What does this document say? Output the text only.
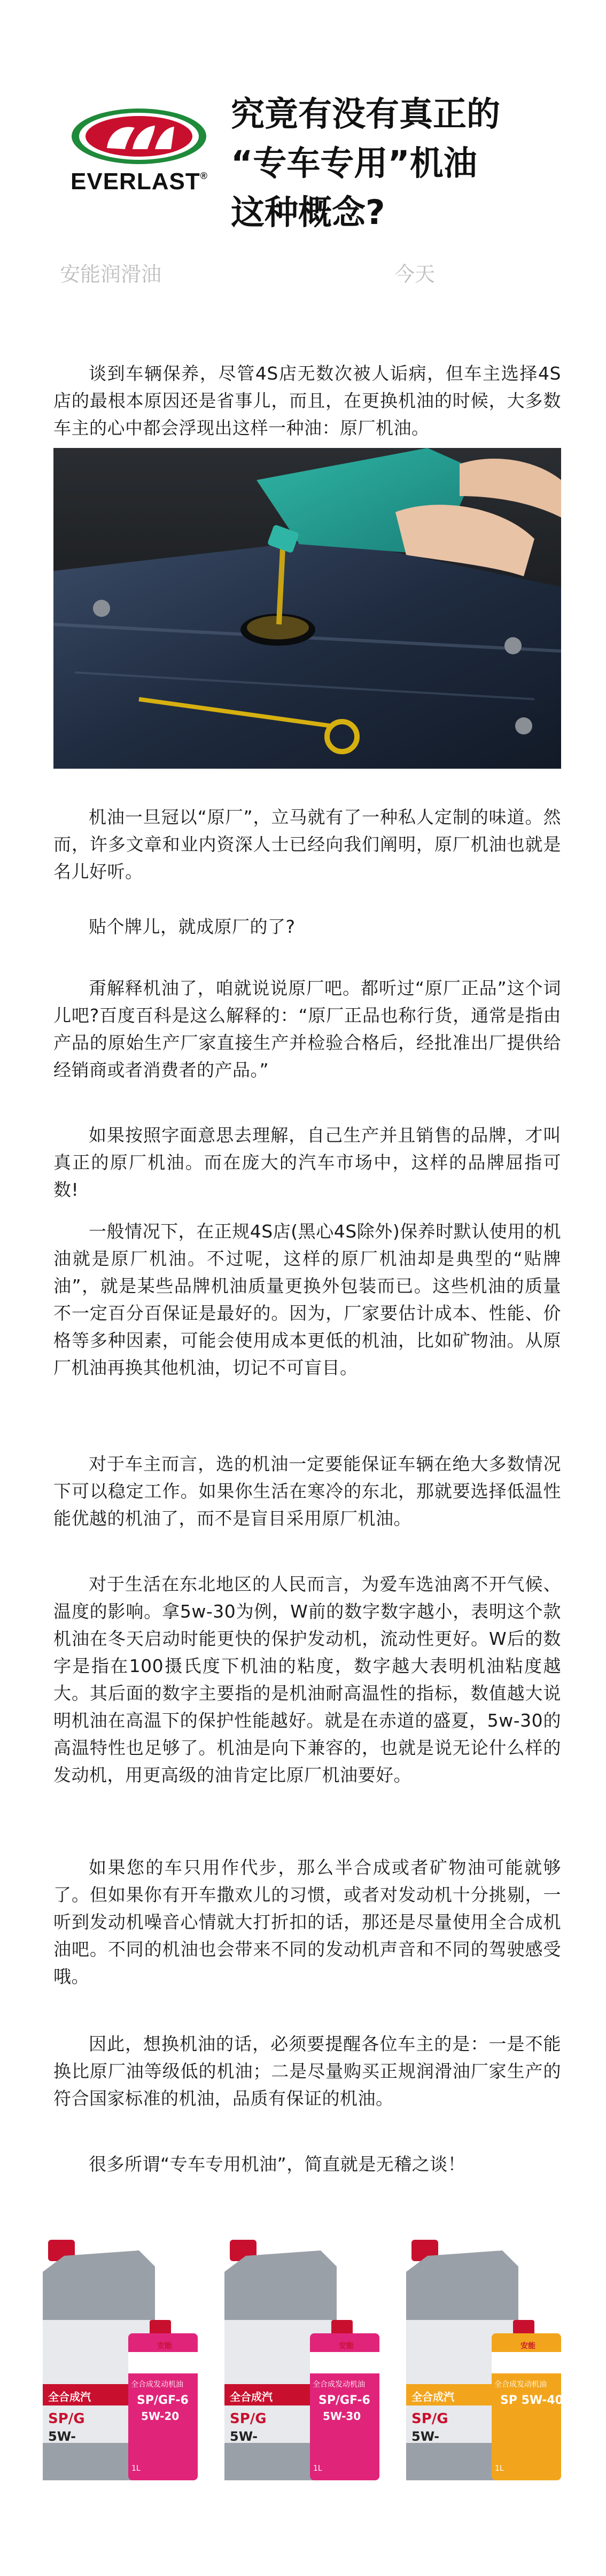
EVERLAST®
究竟有没有真正的
“专车专用”机油
这种概念?
安能润滑油	今天

谈到车辆保养，尽管4S店无数次被人诟病，但车主选择4S店的最根本原因还是省事儿，而且，在更换机油的时候，大多数车主的心中都会浮现出这样一种油：原厂机油。

机油一旦冠以“原厂”，立马就有了一种私人定制的味道。然而，许多文章和业内资深人士已经向我们阐明，原厂机油也就是名儿好听。

贴个牌儿，就成原厂的了?

甭解释机油了，咱就说说原厂吧。都听过“原厂正品”这个词儿吧?百度百科是这么解释的：“原厂正品也称行货，通常是指由产品的原始生产厂家直接生产并检验合格后，经批准出厂提供给经销商或者消费者的产品。”

如果按照字面意思去理解，自己生产并且销售的品牌，才叫真正的原厂机油。而在庞大的汽车市场中，这样的品牌屈指可数!

一般情况下，在正规4S店(黑心4S除外)保养时默认使用的机油就是原厂机油。不过呢，这样的原厂机油却是典型的“贴牌油”，就是某些品牌机油质量更换外包装而已。这些机油的质量不一定百分百保证是最好的。因为，厂家要估计成本、性能、价格等多种因素，可能会使用成本更低的机油，比如矿物油。从原厂机油再换其他机油，切记不可盲目。

对于车主而言，选的机油一定要能保证车辆在绝大多数情况下可以稳定工作。如果你生活在寒冷的东北，那就要选择低温性能优越的机油了，而不是盲目采用原厂机油。

对于生活在东北地区的人民而言，为爱车选油离不开气候、温度的影响。拿5w-30为例，W前的数字数字越小，表明这个款机油在冬天启动时能更快的保护发动机，流动性更好。W后的数字是指在100摄氏度下机油的粘度，数字越大表明机油粘度越大。其后面的数字主要指的是机油耐高温性的指标，数值越大说明机油在高温下的保护性能越好。就是在赤道的盛夏，5w-30的高温特性也足够了。机油是向下兼容的，也就是说无论什么样的发动机，用更高级的油肯定比原厂机油要好。

如果您的车只用作代步，那么半合成或者矿物油可能就够了。但如果你有开车撒欢儿的习惯，或者对发动机十分挑剔，一听到发动机噪音心情就大打折扣的话，那还是尽量使用全合成机油吧。不同的机油也会带来不同的发动机声音和不同的驾驶感受哦。

因此，想换机油的话，必须要提醒各位车主的是：一是不能换比原厂油等级低的机油；二是尽量购买正规润滑油厂家生产的符合国家标准的机油，品质有保证的机油。

很多所谓“专车专用机油”，简直就是无稽之谈！

全合成汽
SP/G
5W-
安能
全合成发动机油
SP/GF-6
5W-20
1L
全合成汽
SP/G
5W-
安能
全合成发动机油
SP/GF-6
5W-30
1L
全合成汽
SP/G
5W-
安能
全合成发动机油
SP 5W-40
1L
